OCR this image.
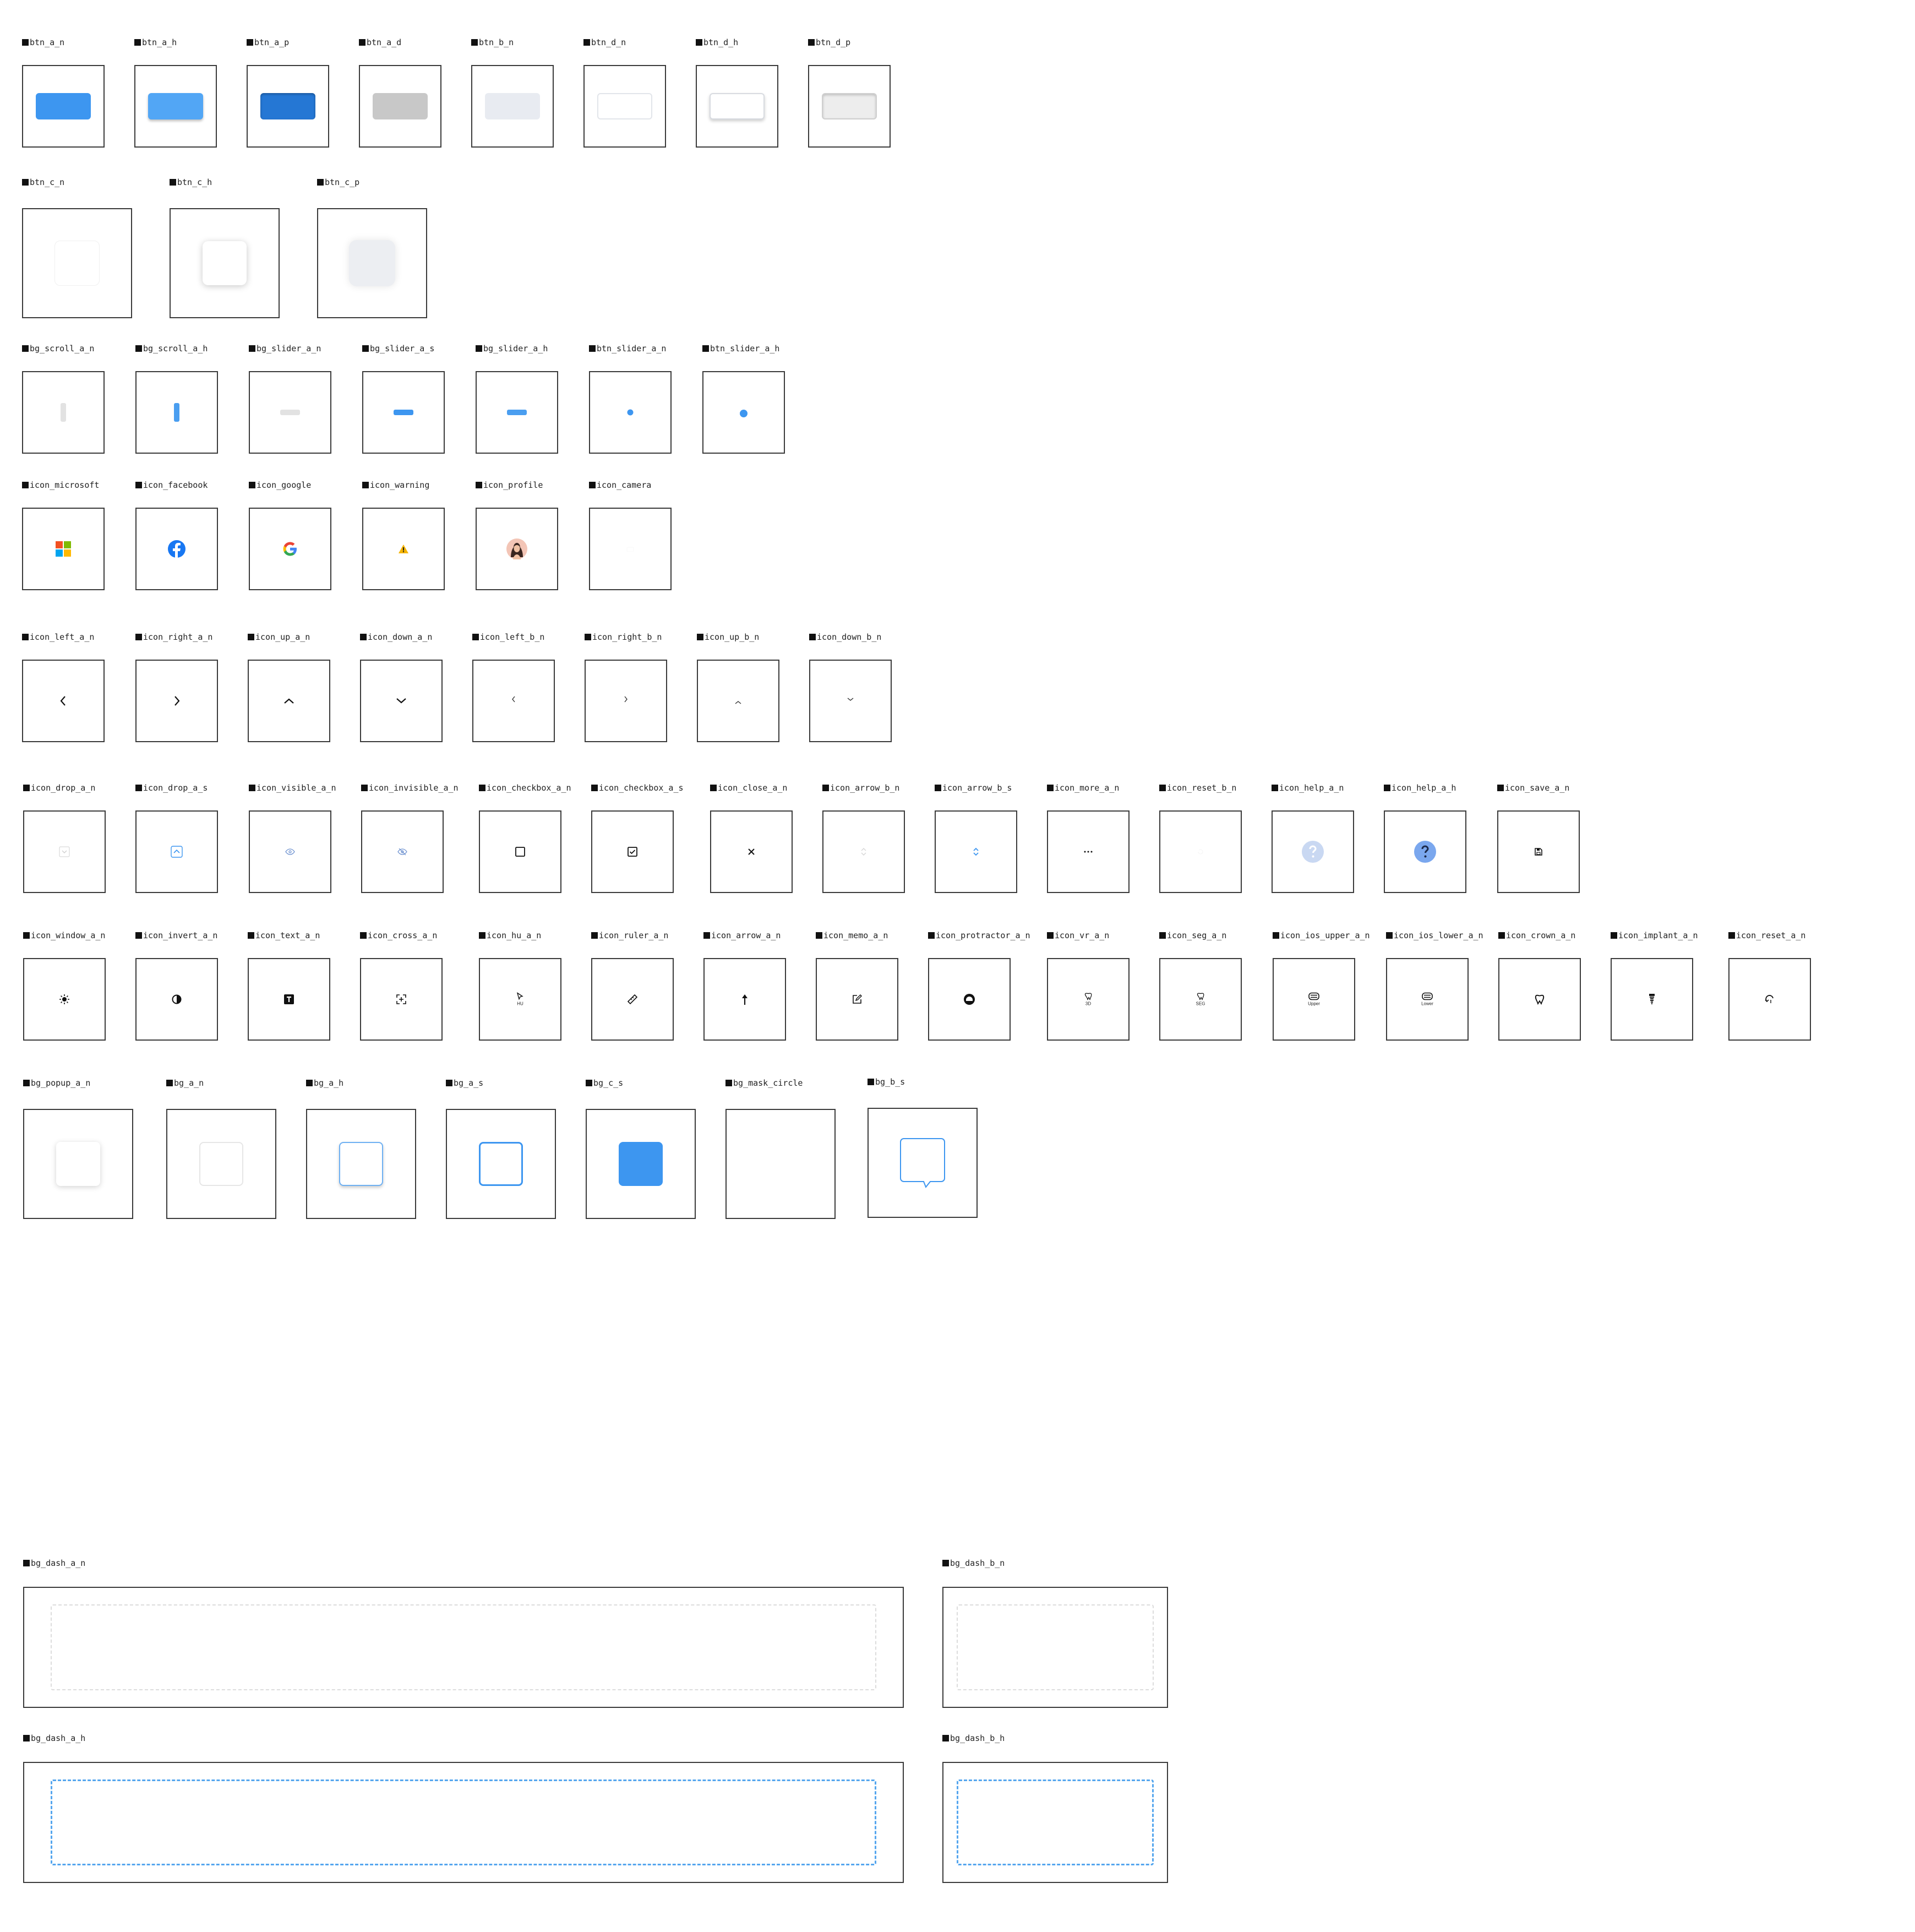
btn_a_n	btn_a_h	btn_a_p	btn_a_d	btn_b_n	btn_d_n	btn_d_h	btn_d_p
btn_c_n	btn_c_h	btn_c_p
bg_scroll_a_n	bg_scroll_a_h	bg_slider_a_n	bg_slider_a_s	bg_slider_a_h	btn_slider_a_n	btn_slider_a_h
icon_microsoft	icon_facebook	icon_google	icon_warning	icon_profile	icon_camera
icon_left_a_n	icon_right_a_n	icon_up_a_n	icon_down_a_n	icon_left_b_n	icon_right_b_n	icon_up_b_n	icon_down_b_n
icon_drop_a_n	icon_drop_a_s	icon_visible_a_n	icon_invisible_a_n	icon_checkbox_a_n	icon_checkbox_a_s	icon_close_a_n	icon_arrow_b_n	icon_arrow_b_s	icon_more_a_n	icon_reset_b_n	icon_help_a_n	icon_help_a_h	icon_save_a_n
icon_window_a_n	icon_invert_a_n	icon_text_a_n	icon_cross_a_n	icon_hu_a_n
HU
icon_ruler_a_n	icon_arrow_a_n	icon_memo_a_n	icon_protractor_a_n	icon_vr_a_n
3D
icon_seg_a_n
SEG
icon_ios_upper_a_n
Upper
icon_ios_lower_a_n
Lower
icon_crown_a_n	icon_implant_a_n	icon_reset_a_n
bg_popup_a_n	bg_a_n	bg_a_h	bg_a_s	bg_c_s	bg_mask_circle	bg_b_s
bg_dash_a_n	bg_dash_b_n
bg_dash_a_h	bg_dash_b_h
